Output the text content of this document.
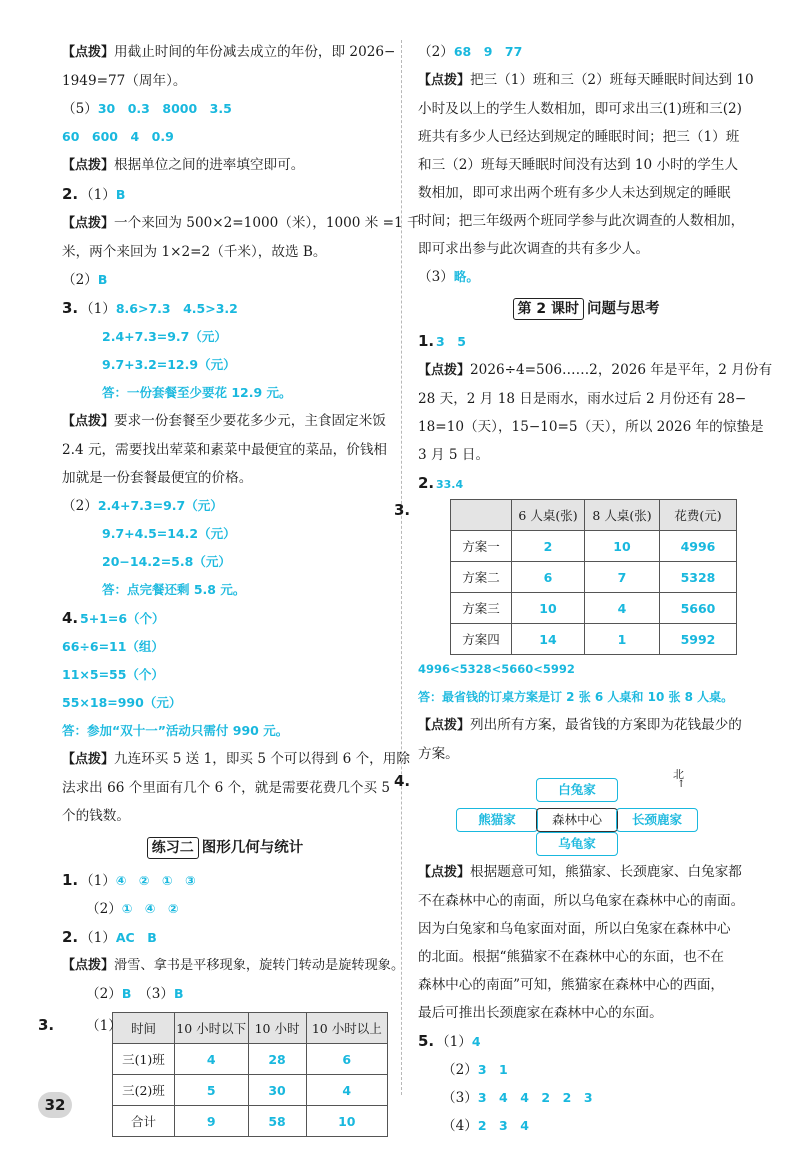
【点拨】用截止时间的年份减去成立的年份，即 2026−
1949=77（周年）。
（5）30　0.3　8000　3.5
60　600　4　0.9
【点拨】根据单位之间的进率填空即可。
2. （1）B
【点拨】一个来回为 500×2=1000（米），1000 米 =1 千
米，两个来回为 1×2=2（千米），故选 B。
（2）B
3. （1）8.6>7.3　4.5>3.2
2.4+7.3=9.7（元）
9.7+3.2=12.9（元）
答：一份套餐至少要花 12.9 元。
【点拨】要求一份套餐至少要花多少元，主食固定米饭
2.4 元，需要找出荤菜和素菜中最便宜的菜品，价钱相
加就是一份套餐最便宜的价格。
（2）2.4+7.3=9.7（元）
9.7+4.5=14.2（元）
20−14.2=5.8（元）
答：点完餐还剩 5.8 元。
4. 5+1=6（个）
66÷6=11（组）
11×5=55（个）
55×18=990（元）
答：参加“双十一”活动只需付 990 元。
【点拨】九连环买 5 送 1，即买 5 个可以得到 6 个，用除
法求出 66 个里面有几个 6 个，就是需要花费几个买 5
个的钱数。
练习二 图形几何与统计
1. （1）④　②　①　③
（2）①　④　②
2. （1）AC　B
【点拨】滑雪、拿书是平移现象，旋转门转动是旋转现象。
（2）B　 （3）B
3. （1） 时间	10 小时以下	10 小时	10 小时以上
三(1)班	4	28	6
三(2)班	5	30	4
合计	9	58	10
（2）68　9　77
【点拨】把三（1）班和三（2）班每天睡眠时间达到 10
小时及以上的学生人数相加，即可求出三(1)班和三(2)
班共有多少人已经达到规定的睡眠时间；把三（1）班
和三（2）班每天睡眠时间没有达到 10 小时的学生人
数相加，即可求出两个班有多少人未达到规定的睡眠
时间；把三年级两个班同学参与此次调查的人数相加，
即可求出参与此次调查的共有多少人。
（3）略。
第 2 课时 问题与思考
1. 3　5
【点拨】2026÷4=506……2，2026 年是平年，2 月份有
28 天，2 月 18 日是雨水，雨水过后 2 月份还有 28−
18=10（天），15−10=5（天），所以 2026 年的惊蛰是
3 月 5 日。
2. 33.4
3.
		6 人桌(张)	8 人桌(张)	花费(元)
方案一	2	10	4996
方案二	6	7	5328
方案三	10	4	5660
方案四	14	1	5992
4996<5328<5660<5992
答：最省钱的订桌方案是订 2 张 6 人桌和 10 张 8 人桌。
【点拨】列出所有方案，最省钱的方案即为花钱最少的
方案。
4.	北
↑
白兔家
熊猫家	森林中心	长颈鹿家
乌龟家
【点拨】根据题意可知，熊猫家、长颈鹿家、白兔家都
不在森林中心的南面，所以乌龟家在森林中心的南面。
因为白兔家和乌龟家面对面，所以白兔家在森林中心
的北面。根据“熊猫家不在森林中心的东面，也不在
森林中心的南面”可知，熊猫家在森林中心的西面，
最后可推出长颈鹿家在森林中心的东面。
5. （1）4
（2）3　1
（3）3　4　4　2　2　3
（4）2　3　4
32
